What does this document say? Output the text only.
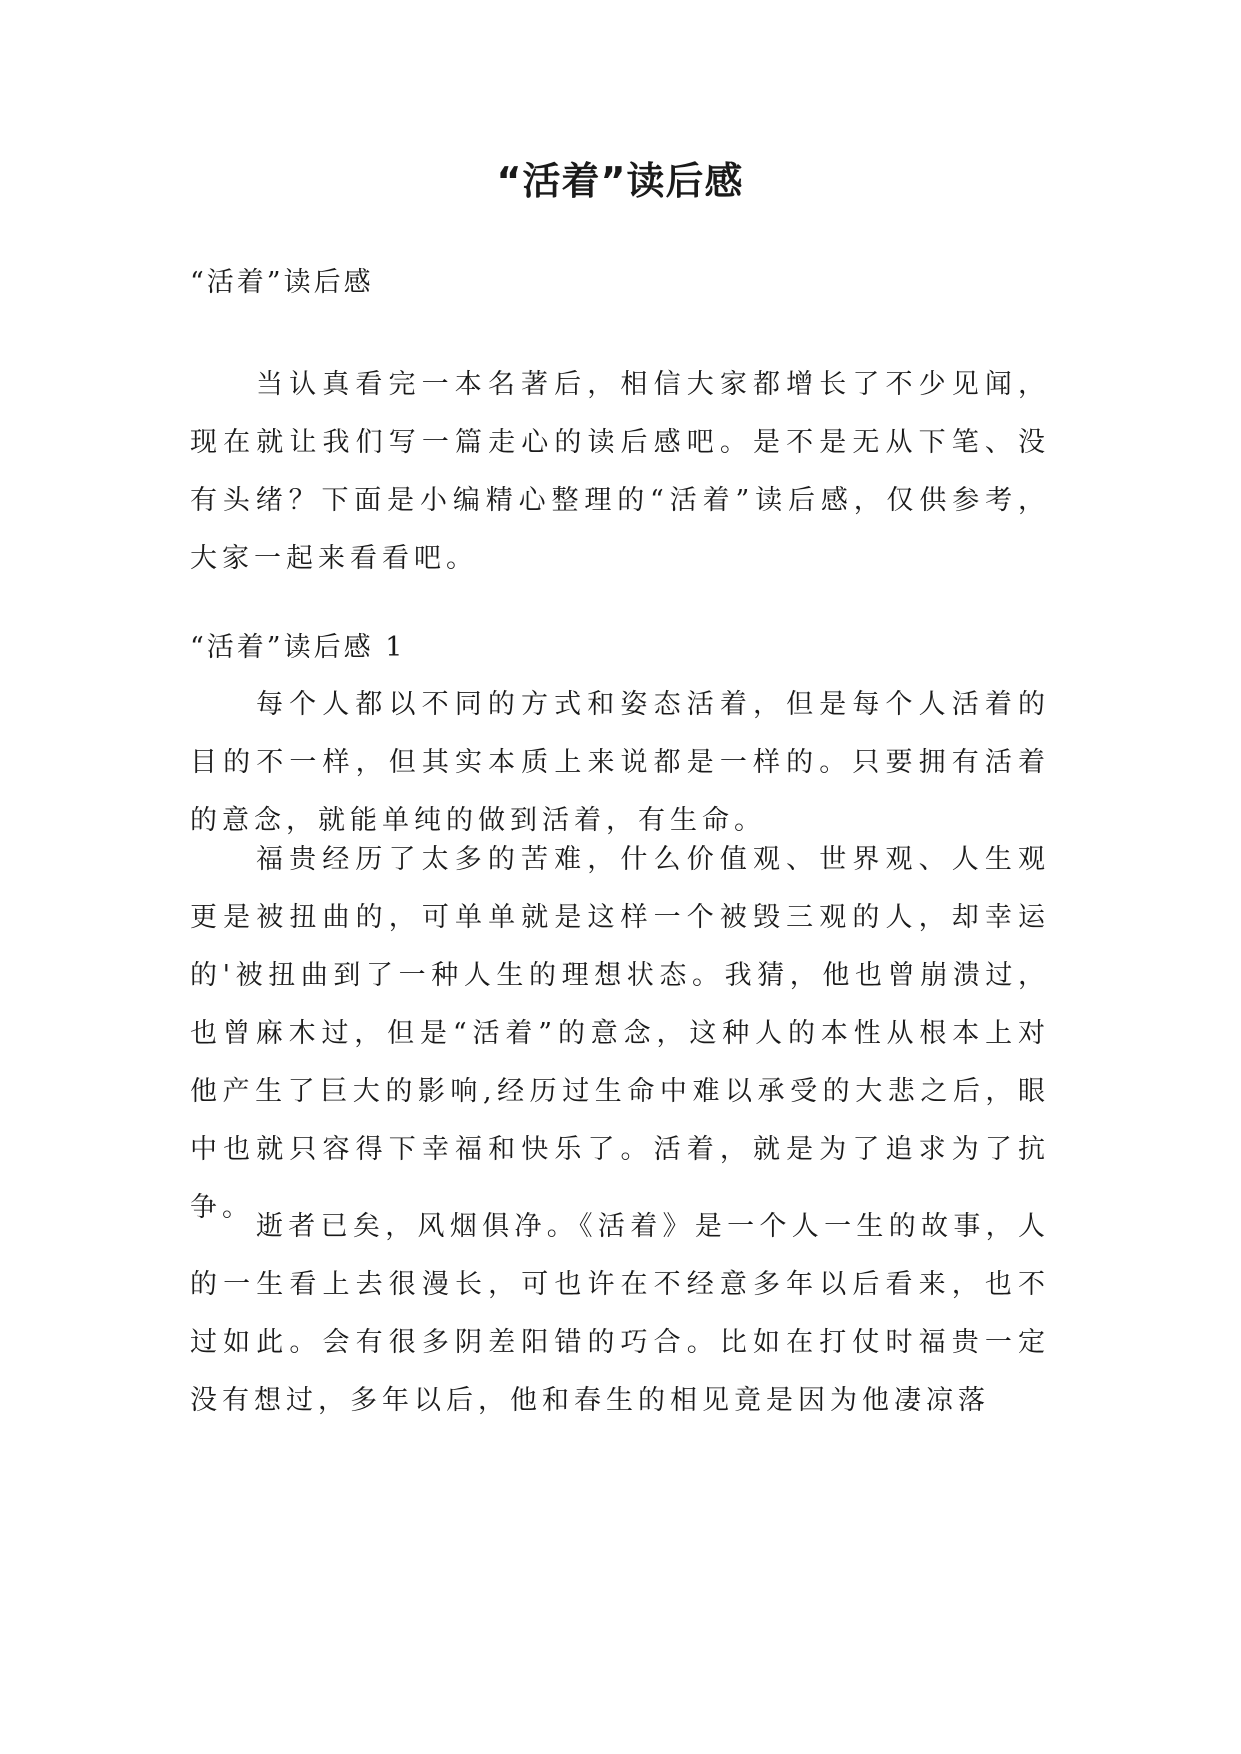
“活着”读后感

“活着”读后感

当认真看完一本名著后，相信大家都增长了不少见闻，现在就让我们写一篇走心的读后感吧。是不是无从下笔、没有头绪？下面是小编精心整理的“活着”读后感，仅供参考，大家一起来看看吧。

“活着”读后感 1

每个人都以不同的方式和姿态活着，但是每个人活着的目的不一样，但其实本质上来说都是一样的。只要拥有活着的意念，就能单纯的做到活着，有生命。

福贵经历了太多的苦难，什么价值观、世界观、人生观更是被扭曲的，可单单就是这样一个被毁三观的人，却幸运的'被扭曲到了一种人生的理想状态。我猜，他也曾崩溃过，也曾麻木过，但是“活着”的意念，这种人的本性从根本上对他产生了巨大的影响,经历过生命中难以承受的大悲之后，眼中也就只容得下幸福和快乐了。活着，就是为了追求为了抗争。

逝者已矣，风烟俱净。《活着》是一个人一生的故事，人的一生看上去很漫长，可也许在不经意多年以后看来，也不过如此。会有很多阴差阳错的巧合。比如在打仗时福贵一定没有想过，多年以后，他和春生的相见竟是因为他凄凉落
